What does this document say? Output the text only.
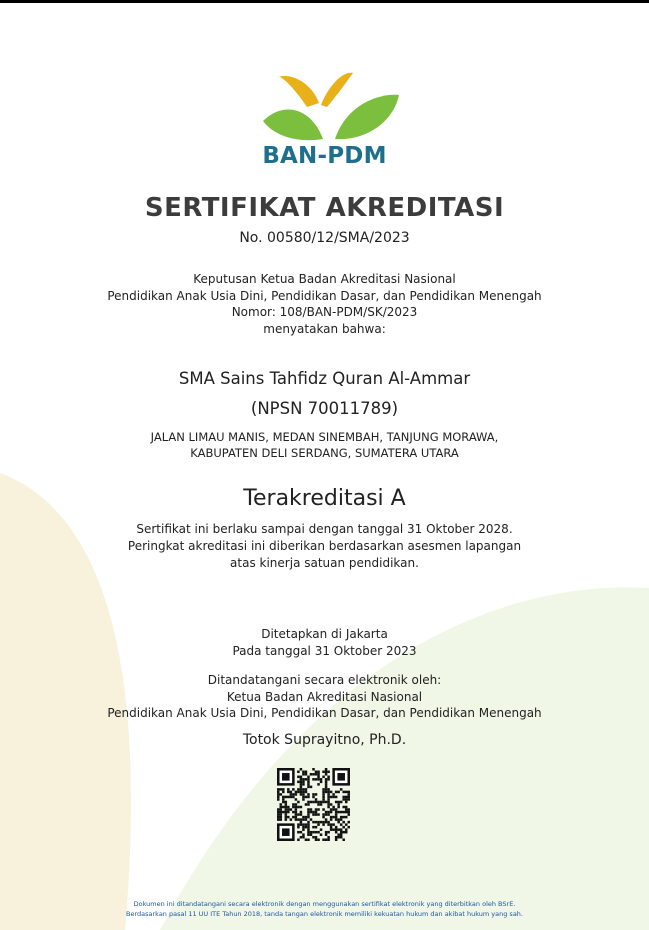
BAN-PDM
SERTIFIKAT AKREDITASI
No. 00580/12/SMA/2023
Keputusan Ketua Badan Akreditasi Nasional
Pendidikan Anak Usia Dini, Pendidikan Dasar, dan Pendidikan Menengah
Nomor: 108/BAN-PDM/SK/2023
menyatakan bahwa:
SMA Sains Tahfidz Quran Al-Ammar
(NPSN 70011789)
JALAN LIMAU MANIS, MEDAN SINEMBAH, TANJUNG MORAWA,
KABUPATEN DELI SERDANG, SUMATERA UTARA
Terakreditasi A
Sertifikat ini berlaku sampai dengan tanggal 31 Oktober 2028.
Peringkat akreditasi ini diberikan berdasarkan asesmen lapangan
atas kinerja satuan pendidikan.
Ditetapkan di Jakarta
Pada tanggal 31 Oktober 2023
Ditandatangani secara elektronik oleh:
Ketua Badan Akreditasi Nasional
Pendidikan Anak Usia Dini, Pendidikan Dasar, dan Pendidikan Menengah
Totok Suprayitno, Ph.D.
Dokumen ini ditandatangani secara elektronik dengan menggunakan sertifikat elektronik yang diterbitkan oleh BSrE.
Berdasarkan pasal 11 UU ITE Tahun 2018, tanda tangan elektronik memiliki kekuatan hukum dan akibat hukum yang sah.
